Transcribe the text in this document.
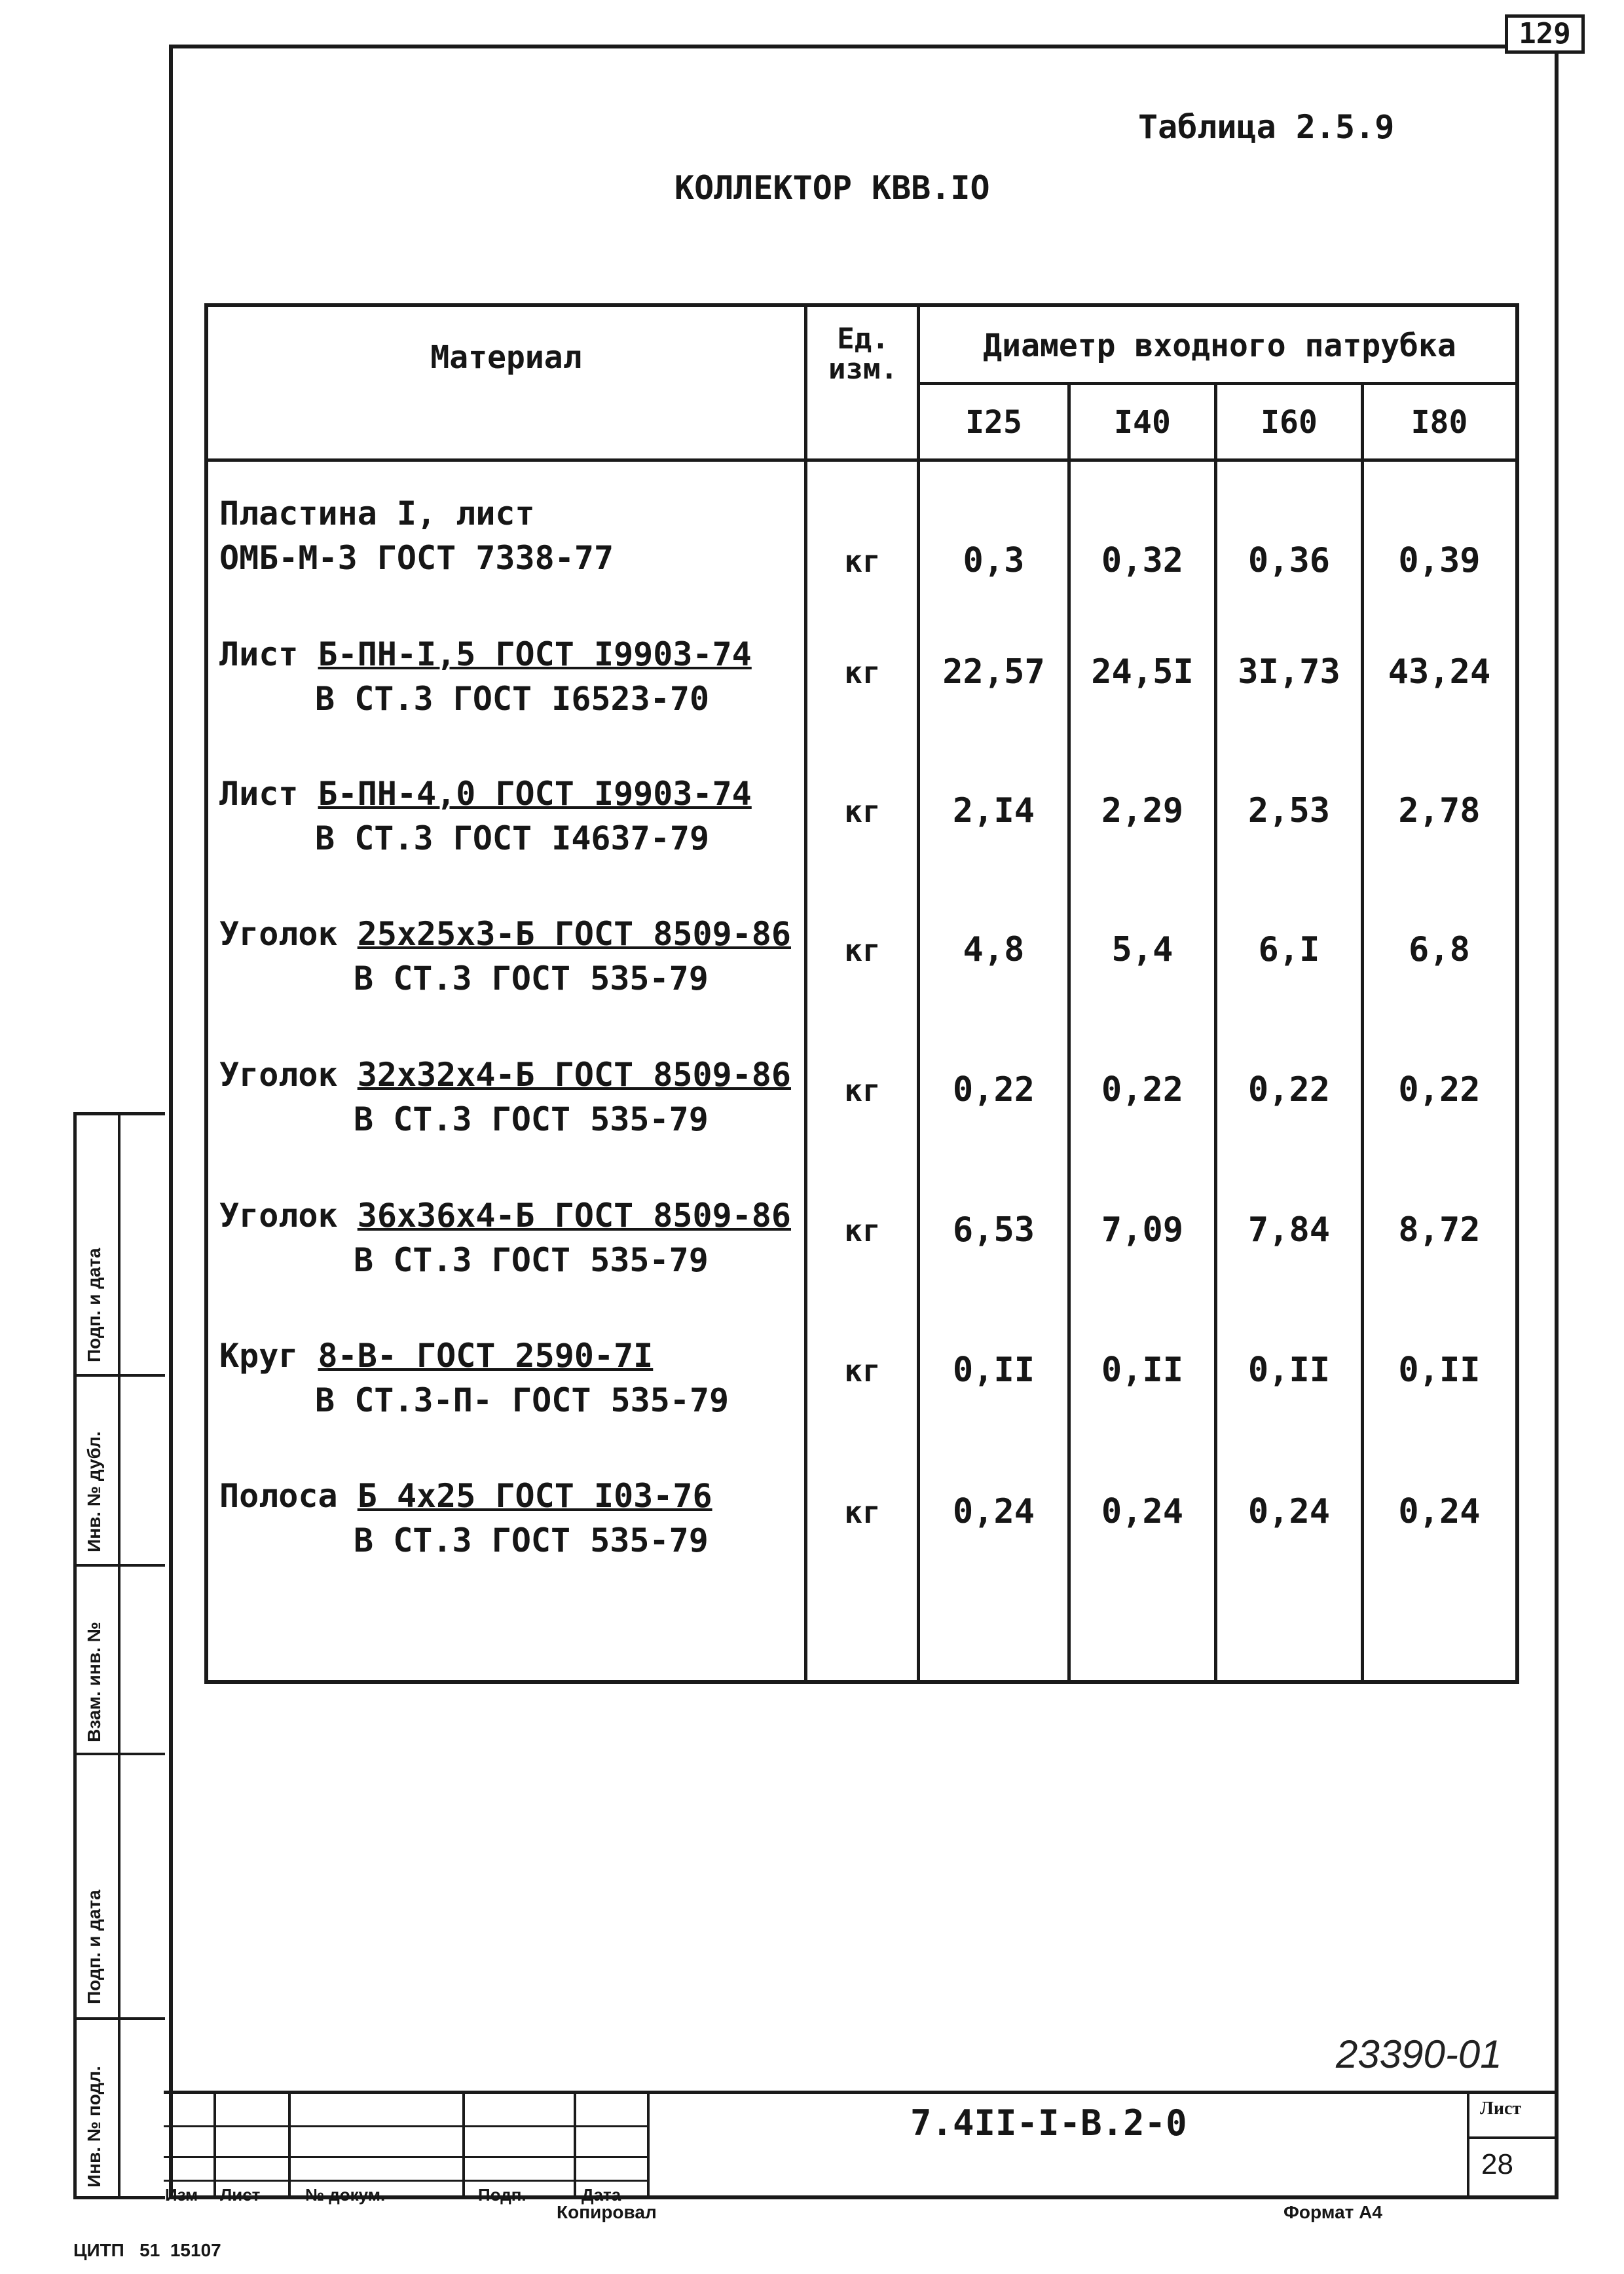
129
Таблица 2.5.9
КОЛЛЕКТОР КВВ.IO
Материал
Ед.
изм.
Диаметр входного патрубка
I25	I40	I60	I80
Пластина I, лист
ОМБ-М-3 ГОСТ 7338-77	кг	0,3	0,32	0,36	0,39
Лист Б-ПН-I,5 ГОСТ I9903-74
В СТ.3 ГОСТ I6523-70
кг	22,57	24,5I	3I,73	43,24
Лист Б-ПН-4,0 ГОСТ I9903-74
В СТ.3 ГОСТ I4637-79
кг	2,I4	2,29	2,53	2,78
Уголок 25х25х3-Б ГОСТ 8509-86
В СТ.3 ГОСТ 535-79
кг	4,8	5,4	6,I	6,8
Уголок 32х32х4-Б ГОСТ 8509-86
В СТ.3 ГОСТ 535-79
кг	0,22	0,22	0,22	0,22
Уголок 36х36х4-Б ГОСТ 8509-86
В СТ.3 ГОСТ 535-79
кг	6,53	7,09	7,84	8,72
Круг 8-В- ГОСТ 2590-7I
В СТ.3-П- ГОСТ 535-79
кг	0,II	0,II	0,II	0,II
Полоса Б 4х25 ГОСТ I03-76
В СТ.3 ГОСТ 535-79
кг	0,24	0,24	0,24	0,24
Инв. № подл.
Подп. и дата
Взам. инв. №
Инв. № дубл.
Подп. и дата
23390-01
Изм Лист	№ докум.	Подп.	Дата
7.4II-I-В.2-0	Лист
28
Копировал	Формат А4
ЦИТП   51  15107
